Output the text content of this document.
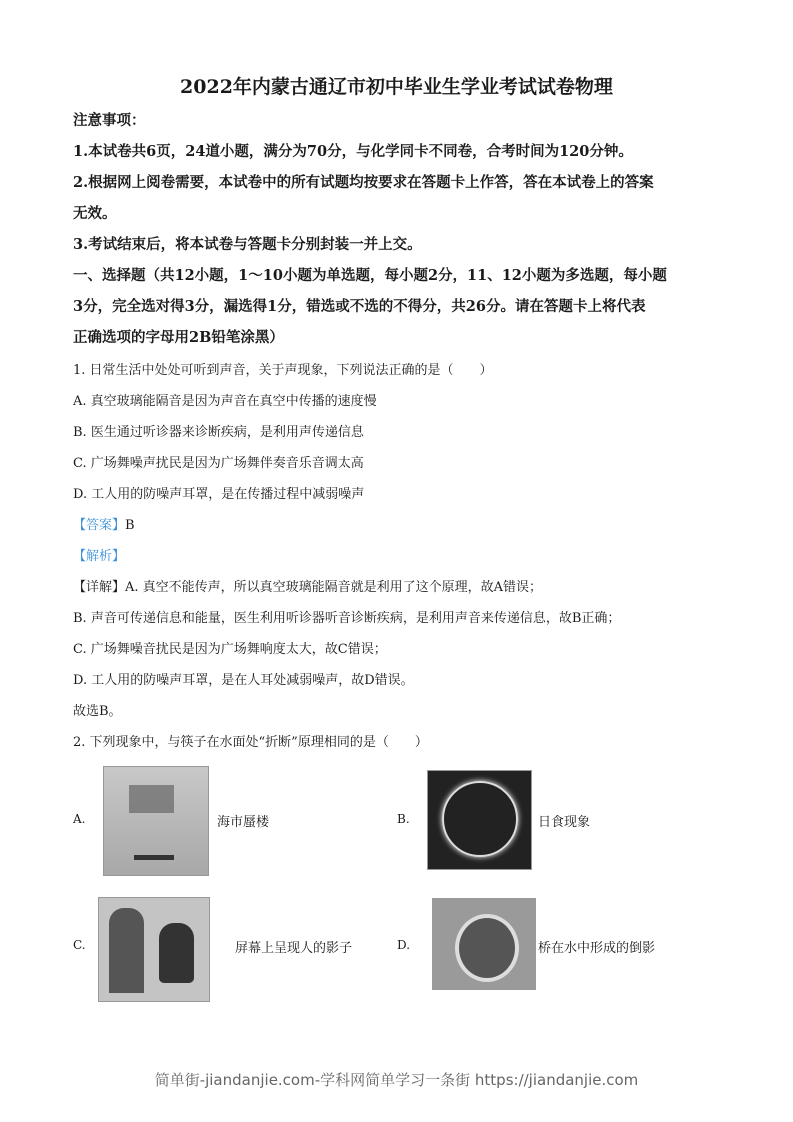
2022年内蒙古通辽市初中毕业生学业考试试卷物理
注意事项：
1.本试卷共6页，24道小题，满分为70分，与化学同卡不同卷，合考时间为120分钟。
2.根据网上阅卷需要，本试卷中的所有试题均按要求在答题卡上作答，答在本试卷上的答案
无效。
3.考试结束后，将本试卷与答题卡分别封装一并上交。
一、选择题（共12小题，1～10小题为单选题，每小题2分，11、12小题为多选题，每小题
3分，完全选对得3分，漏选得1分，错选或不选的不得分，共26分。请在答题卡上将代表
正确选项的字母用2B铅笔涂黑）
1. 日常生活中处处可听到声音，关于声现象，下列说法正确的是（　　）
A. 真空玻璃能隔音是因为声音在真空中传播的速度慢
B. 医生通过听诊器来诊断疾病，是利用声传递信息
C. 广场舞噪声扰民是因为广场舞伴奏音乐音调太高
D. 工人用的防噪声耳罩，是在传播过程中减弱噪声
【答案】B
【解析】
【详解】A. 真空不能传声，所以真空玻璃能隔音就是利用了这个原理，故A错误；
B. 声音可传递信息和能量，医生利用听诊器听音诊断疾病，是利用声音来传递信息，故B正确；
C. 广场舞噪音扰民是因为广场舞响度太大，故C错误；
D. 工人用的防噪声耳罩，是在人耳处减弱噪声，故D错误。
故选B。
2. 下列现象中，与筷子在水面处“折断”原理相同的是（　　）
A.	海市蜃楼	B.	日食现象
C.	屏幕上呈现人的影子	D.	桥在水中形成的倒影
简单街-jiandanjie.com-学科网简单学习一条街 https://jiandanjie.com
